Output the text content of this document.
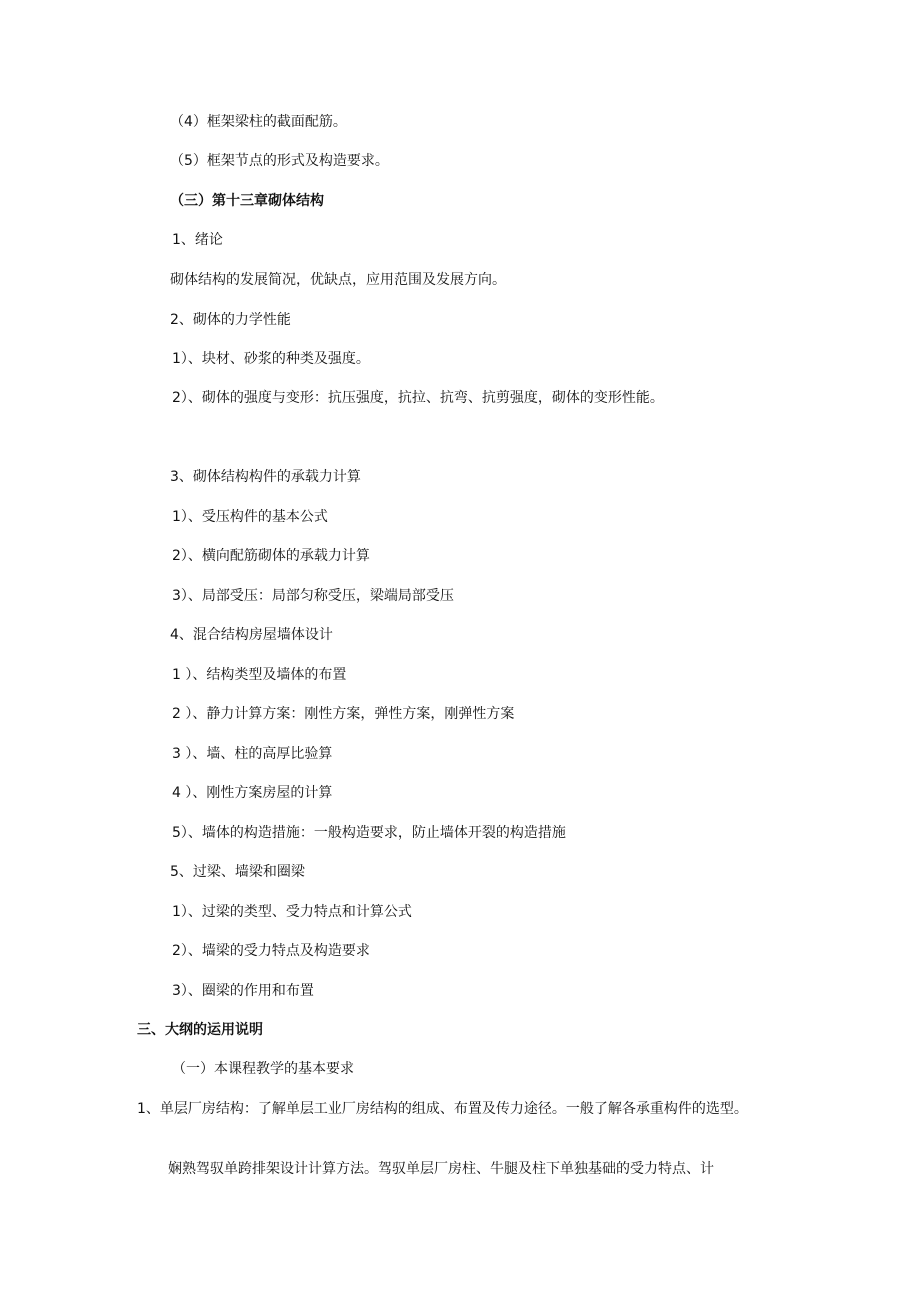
（4）框架梁柱的截面配筋。
（5）框架节点的形式及构造要求。
（三）第十三章砌体结构
1、绪论
砌体结构的发展简况，优缺点，应用范围及发展方向。
2、砌体的力学性能
1）、块材、砂浆的种类及强度。
2）、砌体的强度与变形：抗压强度，抗拉、抗弯、抗剪强度，砌体的变形性能。
3、砌体结构构件的承载力计算
1）、受压构件的基本公式
2）、横向配筋砌体的承载力计算
3）、局部受压：局部匀称受压，梁端局部受压
4、混合结构房屋墙体设计
1 ）、结构类型及墙体的布置
2 ）、静力计算方案：刚性方案，弹性方案，刚弹性方案
3 ）、墙、柱的高厚比验算
4 ）、刚性方案房屋的计算
5）、墙体的构造措施：一般构造要求，防止墙体开裂的构造措施
5、过梁、墙梁和圈梁
1）、过梁的类型、受力特点和计算公式
2）、墙梁的受力特点及构造要求
3）、圈梁的作用和布置
三、大纲的运用说明
（一）本课程教学的基本要求
1、单层厂房结构：了解单层工业厂房结构的组成、布置及传力途径。一般了解各承重构件的选型。
娴熟驾驭单跨排架设计计算方法。驾驭单层厂房柱、牛腿及柱下单独基础的受力特点、计
